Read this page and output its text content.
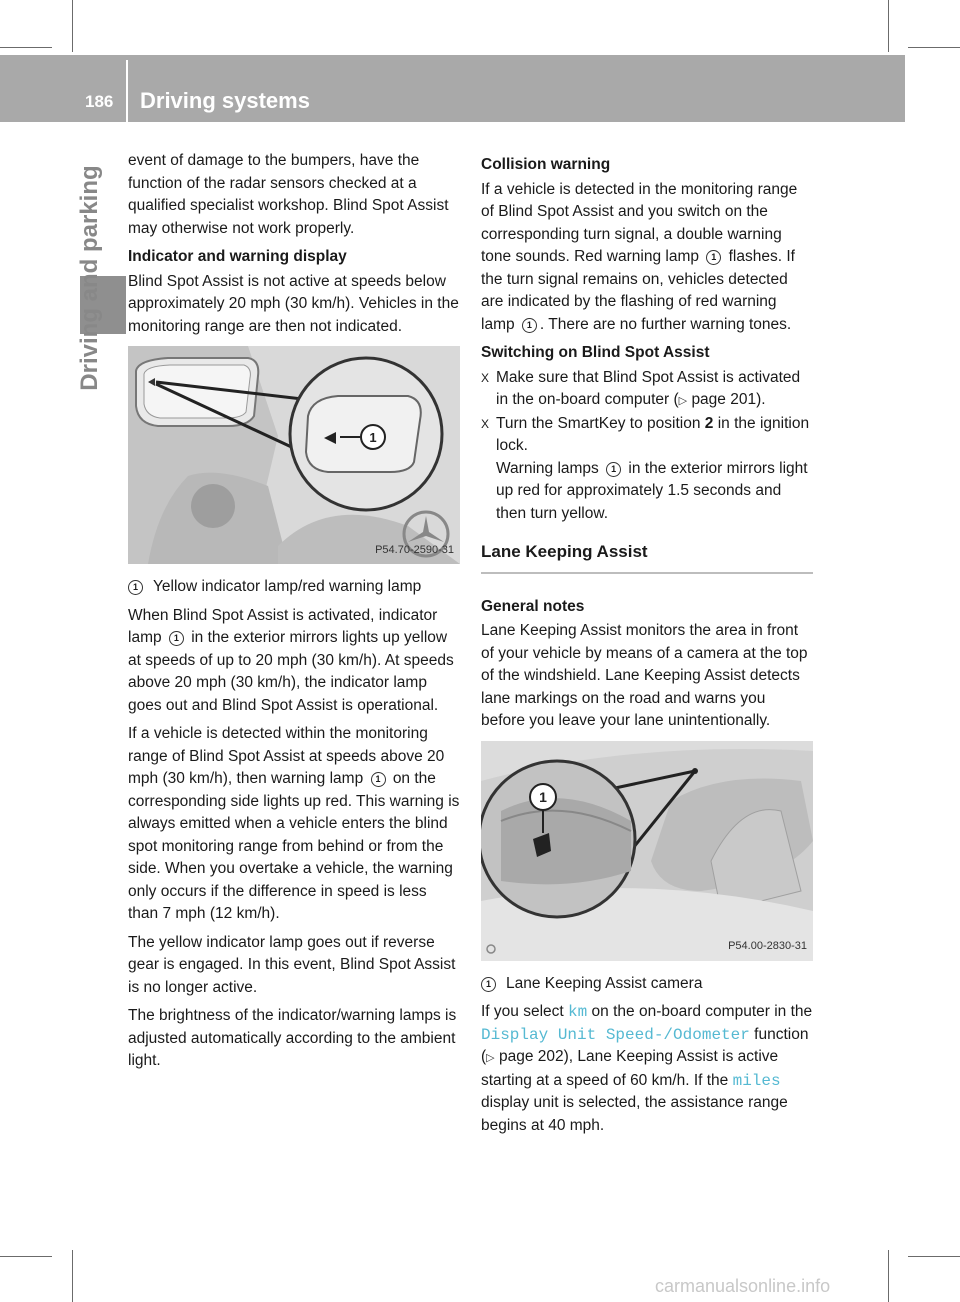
186 Driving systems
Driving and parking

event of damage to the bumpers, have the function of the radar sensors checked at a qualified specialist workshop. Blind Spot Assist may otherwise not work properly.

Indicator and warning display

Blind Spot Assist is not active at speeds below approximately 20 mph (30 km/h). Vehicles in the monitoring range are then not indicated.

1
P54.70-2590-31

1 Yellow indicator lamp/red warning lamp

When Blind Spot Assist is activated, indicator lamp 1 in the exterior mirrors lights up yellow at speeds of up to 20 mph (30 km/h). At speeds above 20 mph (30 km/h), the indicator lamp goes out and Blind Spot Assist is operational.

If a vehicle is detected within the monitoring range of Blind Spot Assist at speeds above 20 mph (30 km/h), then warning lamp 1 on the corresponding side lights up red. This warning is always emitted when a vehicle enters the blind spot monitoring range from behind or from the side. When you overtake a vehicle, the warning only occurs if the difference in speed is less than 7 mph (12 km/h).

The yellow indicator lamp goes out if reverse gear is engaged. In this event, Blind Spot Assist is no longer active.

The brightness of the indicator/warning lamps is adjusted automatically according to the ambient light.

Collision warning

If a vehicle is detected in the monitoring range of Blind Spot Assist and you switch on the corresponding turn signal, a double warning tone sounds. Red warning lamp 1 flashes. If the turn signal remains on, vehicles detected are indicated by the flashing of red warning lamp 1 . There are no further warning tones.

Switching on Blind Spot Assist
X Make sure that Blind Spot Assist is activated in the on-board computer (▷ page 201).

X Turn the SmartKey to position 2 in the ignition lock.
Warning lamps 1 in the exterior mirrors light up red for approximately 1.5 seconds and then turn yellow.

Lane Keeping Assist
General notes

Lane Keeping Assist monitors the area in front of your vehicle by means of a camera at the top of the windshield. Lane Keeping Assist detects lane markings on the road and warns you before you leave your lane unintentionally.

1
P54.00-2830-31

1 Lane Keeping Assist camera

If you select km on the on-board computer in the Display Unit Speed-/Odometer function (▷ page 202), Lane Keeping Assist is active starting at a speed of 60 km/h. If the miles display unit is selected, the assistance range begins at 40 mph.

carmanualsonline.info
